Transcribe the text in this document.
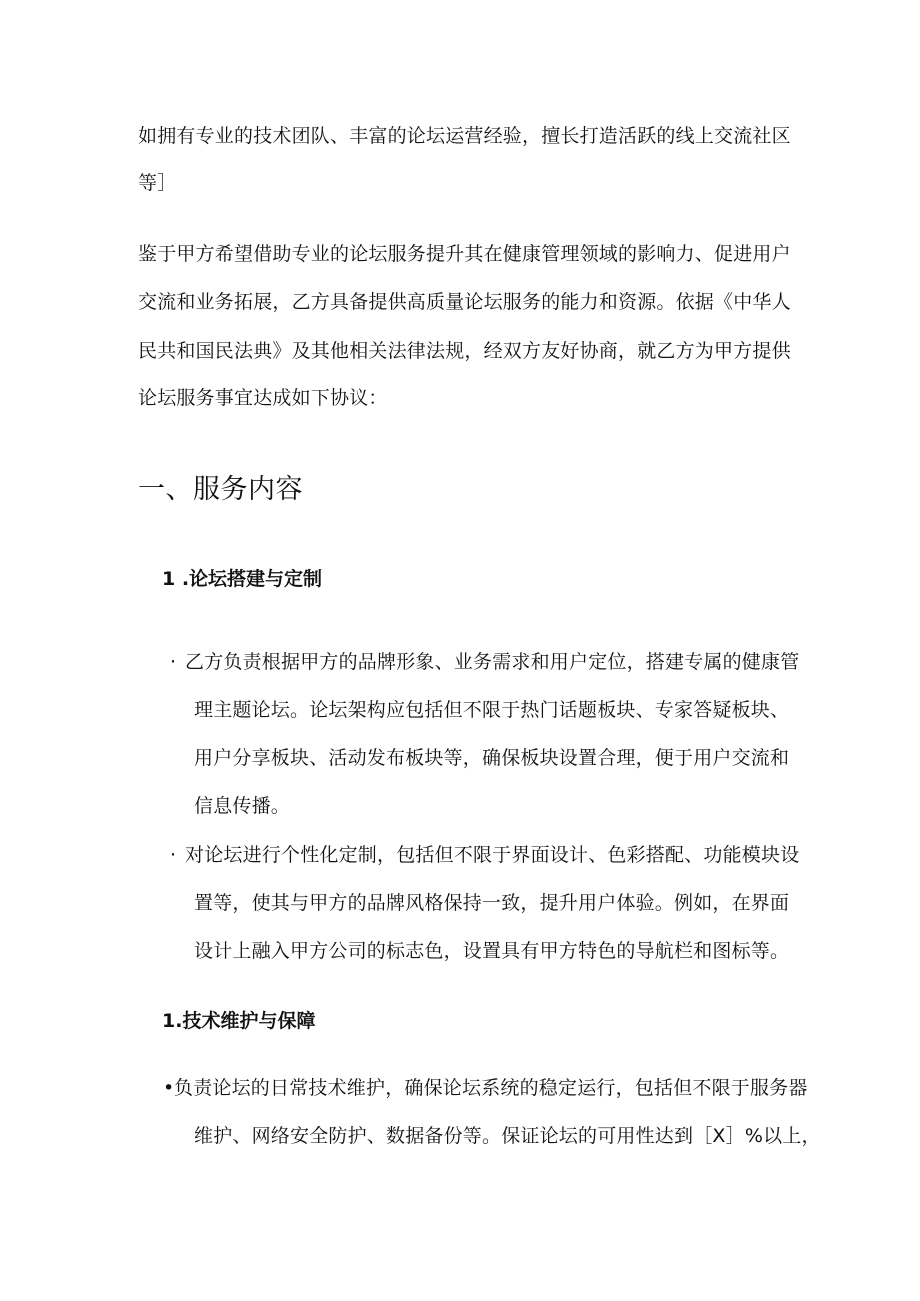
如拥有专业的技术团队、丰富的论坛运营经验，擅长打造活跃的线上交流社区
等］
鉴于甲方希望借助专业的论坛服务提升其在健康管理领域的影响力、促进用户
交流和业务拓展，乙方具备提供高质量论坛服务的能力和资源。依据《中华人
民共和国民法典》及其他相关法律法规，经双方友好协商，就乙方为甲方提供
论坛服务事宜达成如下协议：
一、服务内容
1 .论坛搭建与定制
· 乙方负责根据甲方的品牌形象、业务需求和用户定位，搭建专属的健康管
理主题论坛。论坛架构应包括但不限于热门话题板块、专家答疑板块、
用户分享板块、活动发布板块等，确保板块设置合理，便于用户交流和
信息传播。
· 对论坛进行个性化定制，包括但不限于界面设计、色彩搭配、功能模块设
置等，使其与甲方的品牌风格保持一致，提升用户体验。例如，在界面
设计上融入甲方公司的标志色，设置具有甲方特色的导航栏和图标等。
1.技术维护与保障
• 负责论坛的日常技术维护，确保论坛系统的稳定运行，包括但不限于服务器
维护、网络安全防护、数据备份等。保证论坛的可用性达到［X］%以上，
